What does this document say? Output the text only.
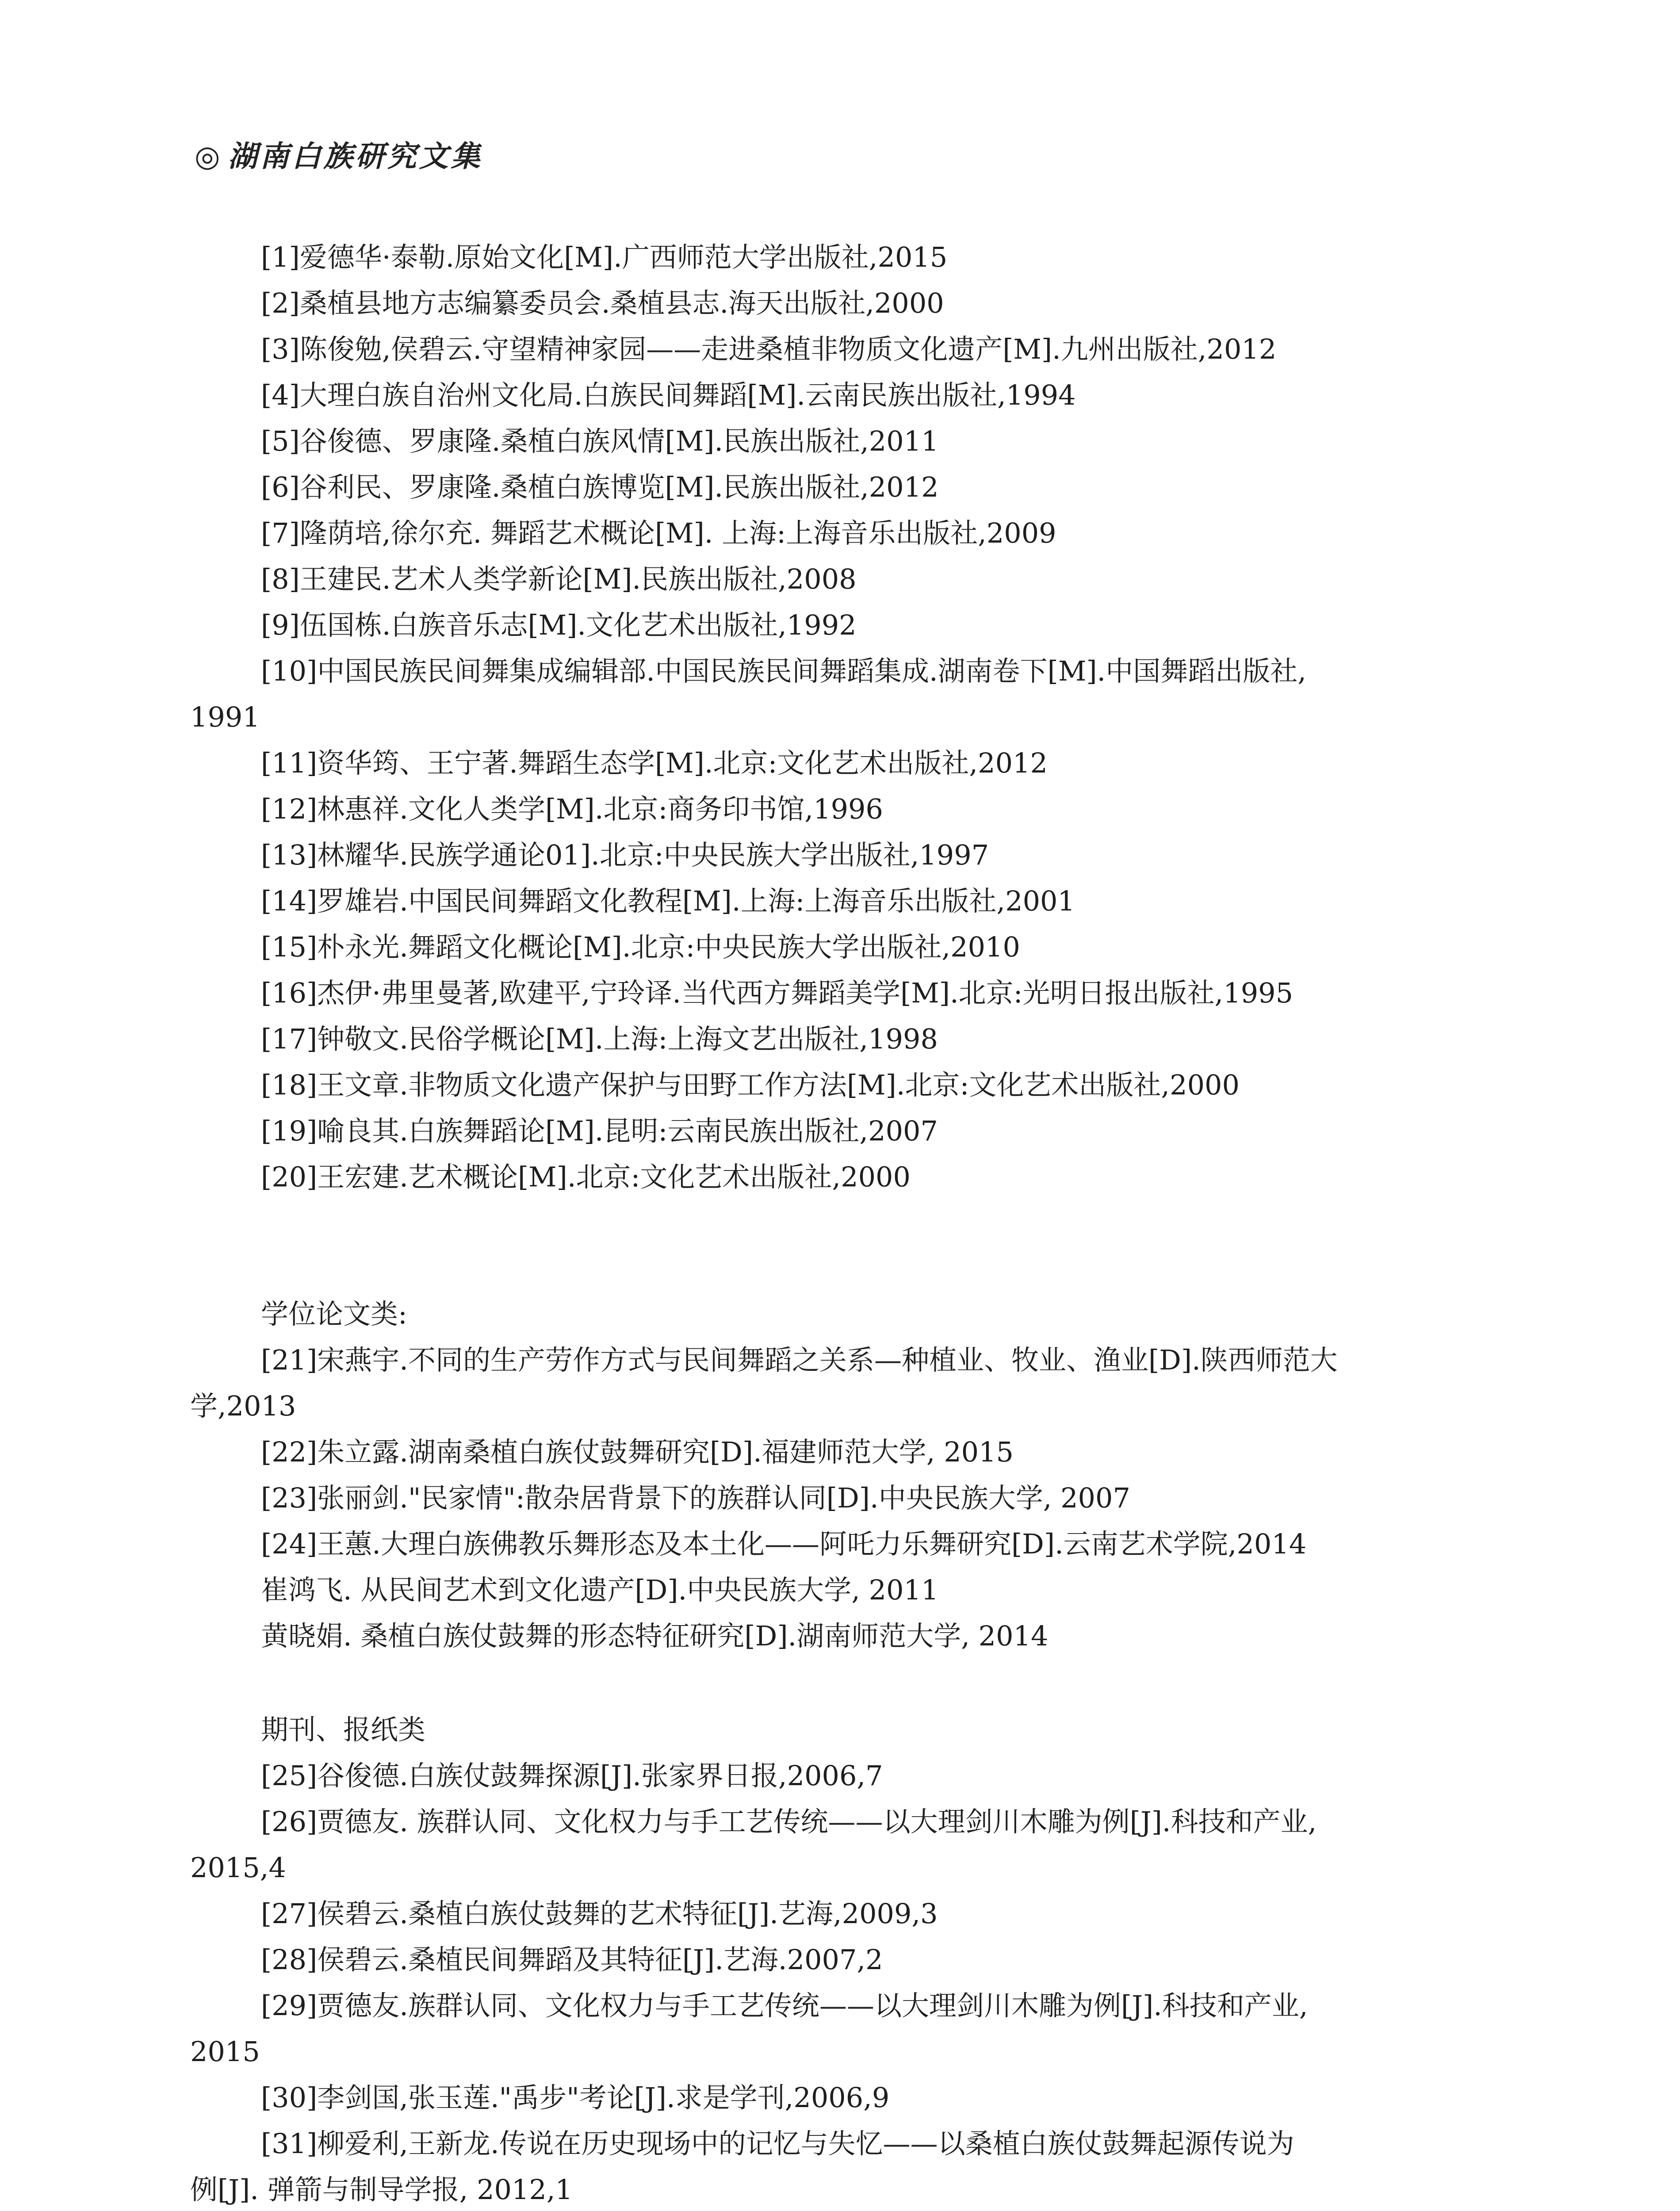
◎ 湖南白族研究文集
[1]爱德华·泰勒.原始文化[M].广西师范大学出版社,2015
[2]桑植县地方志编纂委员会.桑植县志.海天出版社,2000
[3]陈俊勉,侯碧云.守望精神家园——走进桑植非物质文化遗产[M].九州出版社,2012
[4]大理白族自治州文化局.白族民间舞蹈[M].云南民族出版社,1994
[5]谷俊德、罗康隆.桑植白族风情[M].民族出版社,2011
[6]谷利民、罗康隆.桑植白族博览[M].民族出版社,2012
[7]隆荫培,徐尔充. 舞蹈艺术概论[M]. 上海:上海音乐出版社,2009
[8]王建民.艺术人类学新论[M].民族出版社,2008
[9]伍国栋.白族音乐志[M].文化艺术出版社,1992
[10]中国民族民间舞集成编辑部.中国民族民间舞蹈集成.湖南卷下[M].中国舞蹈出版社,
1991
[11]资华筠、王宁著.舞蹈生态学[M].北京:文化艺术出版社,2012
[12]林惠祥.文化人类学[M].北京:商务印书馆,1996
[13]林耀华.民族学通论01].北京:中央民族大学出版社,1997
[14]罗雄岩.中国民间舞蹈文化教程[M].上海:上海音乐出版社,2001
[15]朴永光.舞蹈文化概论[M].北京:中央民族大学出版社,2010
[16]杰伊·弗里曼著,欧建平,宁玲译.当代西方舞蹈美学[M].北京:光明日报出版社,1995
[17]钟敬文.民俗学概论[M].上海:上海文艺出版社,1998
[18]王文章.非物质文化遗产保护与田野工作方法[M].北京:文化艺术出版社,2000
[19]喻良其.白族舞蹈论[M].昆明:云南民族出版社,2007
[20]王宏建.艺术概论[M].北京:文化艺术出版社,2000
学位论文类:
[21]宋燕宇.不同的生产劳作方式与民间舞蹈之关系—种植业、牧业、渔业[D].陕西师范大
学,2013
[22]朱立露.湖南桑植白族仗鼓舞研究[D].福建师范大学, 2015
[23]张丽剑."民家情":散杂居背景下的族群认同[D].中央民族大学, 2007
[24]王蕙.大理白族佛教乐舞形态及本土化——阿吒力乐舞研究[D].云南艺术学院,2014
崔鸿飞. 从民间艺术到文化遗产[D].中央民族大学, 2011
黄晓娟. 桑植白族仗鼓舞的形态特征研究[D].湖南师范大学, 2014
期刊、报纸类
[25]谷俊德.白族仗鼓舞探源[J].张家界日报,2006,7
[26]贾德友. 族群认同、文化权力与手工艺传统——以大理剑川木雕为例[J].科技和产业,
2015,4
[27]侯碧云.桑植白族仗鼓舞的艺术特征[J].艺海,2009,3
[28]侯碧云.桑植民间舞蹈及其特征[J].艺海.2007,2
[29]贾德友.族群认同、文化权力与手工艺传统——以大理剑川木雕为例[J].科技和产业,
2015
[30]李剑国,张玉莲."禹步"考论[J].求是学刊,2006,9
[31]柳爱利,王新龙.传说在历史现场中的记忆与失忆——以桑植白族仗鼓舞起源传说为
例[J]. 弹箭与制导学报, 2012,1
